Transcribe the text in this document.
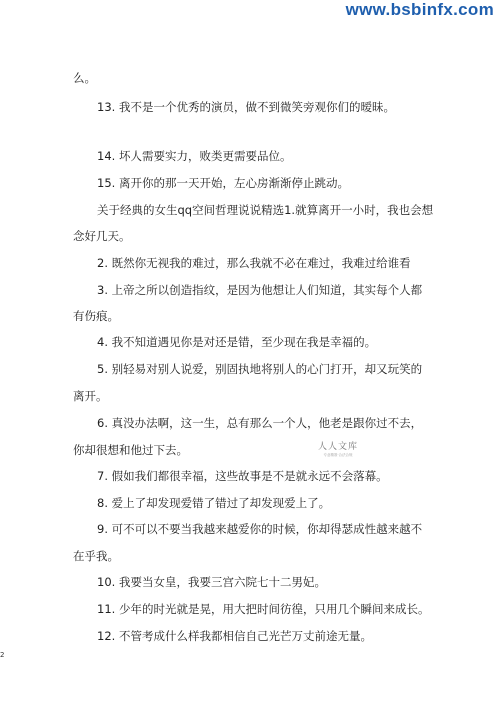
www.bsbinfx.com
么。
13. 我不是一个优秀的演员，做不到微笑旁观你们的暧昧。
14. 坏人需要实力，败类更需要品位。
15. 离开你的那一天开始，左心房渐渐停止跳动。
关于经典的女生qq空间哲理说说精选1.就算离开一小时，我也会想
念好几天。
2. 既然你无视我的难过，那么我就不必在难过，我难过给谁看
3. 上帝之所以创造指纹，是因为他想让人们知道，其实每个人都
有伤痕。
4. 我不知道遇见你是对还是错，至少现在我是幸福的。
5. 别轻易对别人说爱，别固执地将别人的心门打开，却又玩笑的
离开。
6. 真没办法啊，这一生，总有那么一个人，他老是跟你过不去，
你却很想和他过下去。
7. 假如我们都很幸福，这些故事是不是就永远不会落幕。
8. 爱上了却发现爱错了错过了却发现爱上了。
9. 可不可以不要当我越来越爱你的时候，你却得瑟成性越来越不
在乎我。
10. 我要当女皇，我要三宫六院七十二男妃。
11. 少年的时光就是晃，用大把时间彷徨，只用几个瞬间来成长。
12. 不管考成什么样我都相信自己光芒万丈前途无量。
人人文库
专业精准·合法合规
2
